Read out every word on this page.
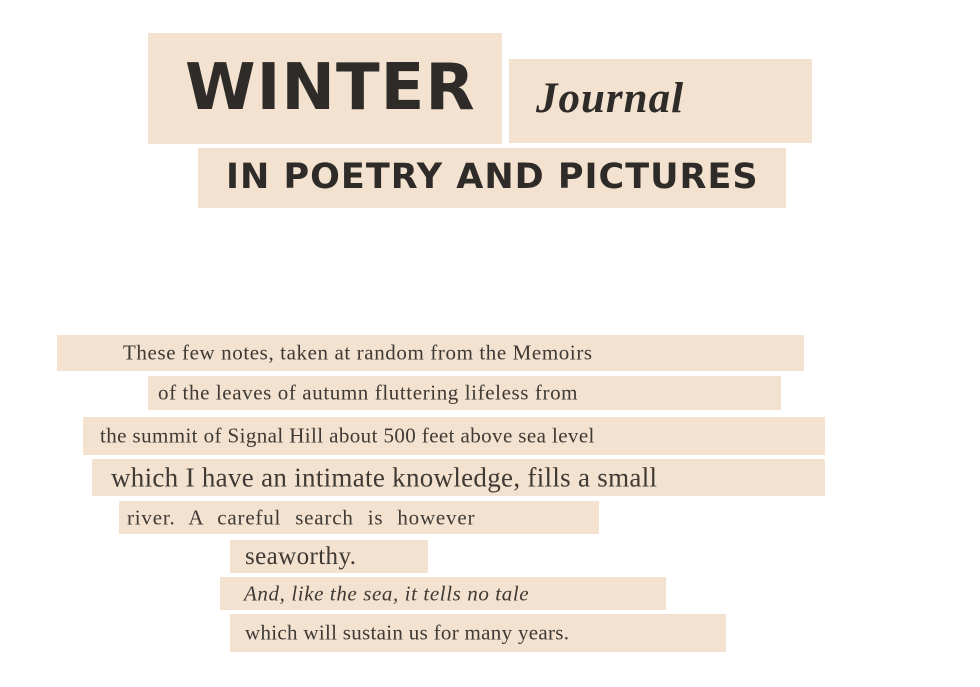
WINTER Journal
IN POETRY AND PICTURES
These few notes, taken at random from the Memoirs
of the leaves of autumn fluttering lifeless from
the summit of Signal Hill about 500 feet above sea level
which I have an intimate knowledge, fills a small
river. A careful search is however
seaworthy.
And, like the sea, it tells no tale
which will sustain us for many years.
